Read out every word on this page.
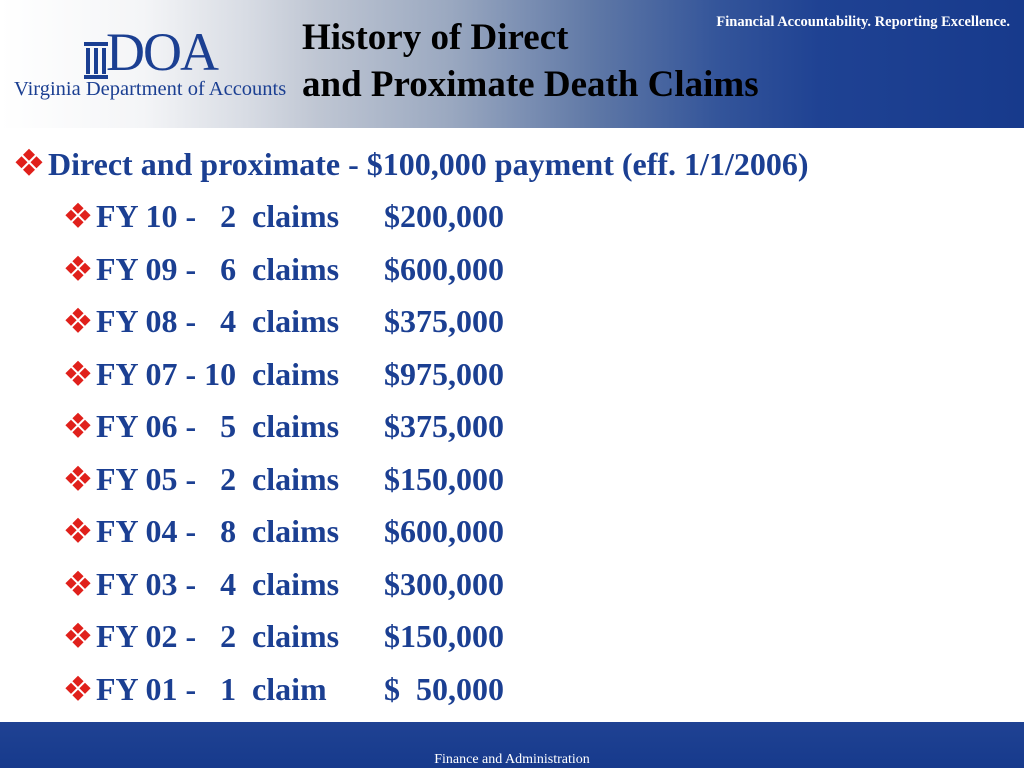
DOA
Virginia Department of Accounts
History of Direct
and Proximate Death Claims
Financial Accountability. Reporting Excellence.
Direct and proximate - $100,000 payment (eff. 1/1/2006)
FY 10 -   2 claims $200,000
FY 09 -   6 claims $600,000
FY 08 -   4 claims $375,000
FY 07 - 10 claims $975,000
FY 06 -   5 claims $375,000
FY 05 -   2 claims $150,000
FY 04 -   8 claims $600,000
FY 03 -   4 claims $300,000
FY 02 -   2 claims $150,000
FY 01 -   1 claim $  50,000
Finance and Administration
